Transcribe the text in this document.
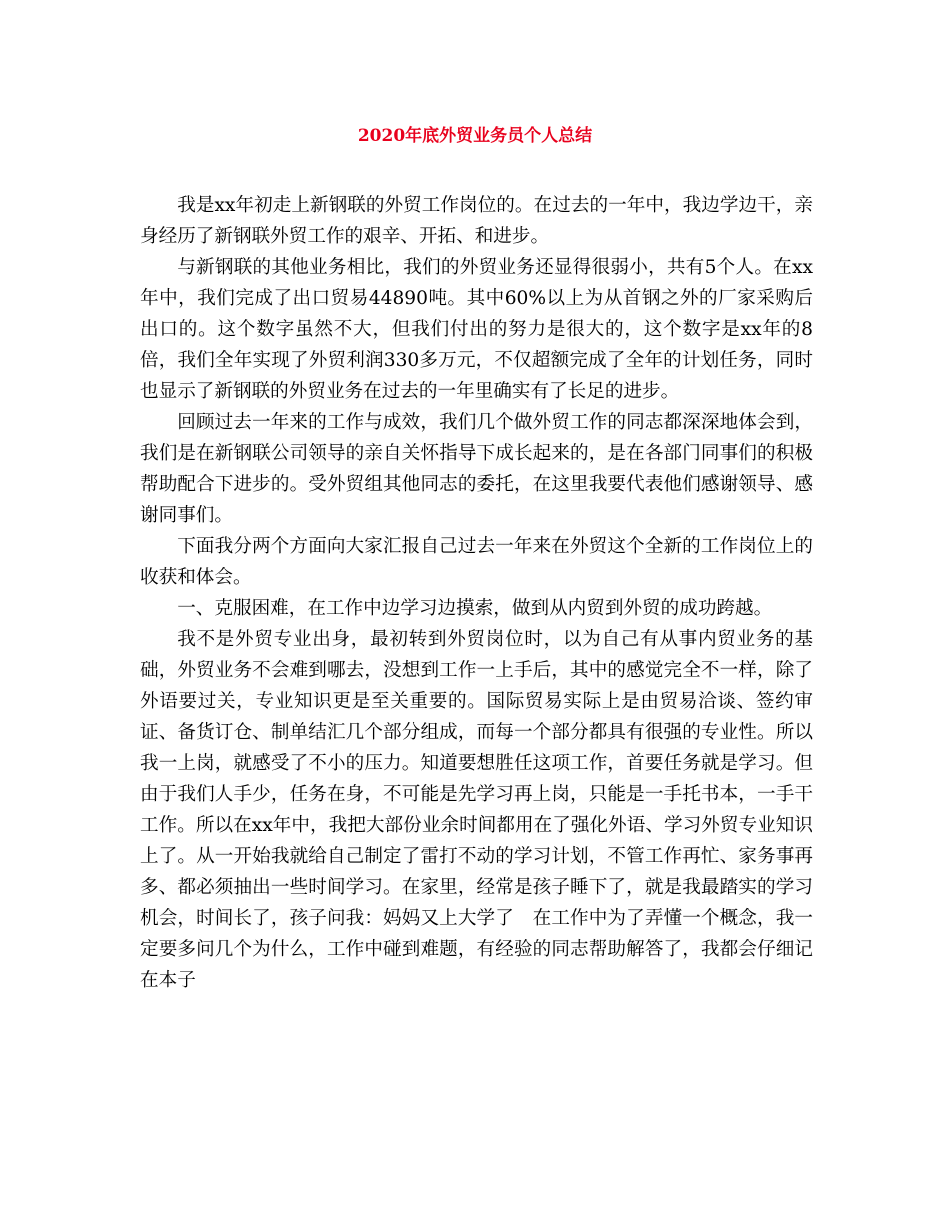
2020年底外贸业务员个人总结

我是xx年初走上新钢联的外贸工作岗位的。在过去的一年中，我边学边干，亲身经历了新钢联外贸工作的艰辛、开拓、和进步。

与新钢联的其他业务相比，我们的外贸业务还显得很弱小，共有5个人。在xx年中，我们完成了出口贸易44890吨。其中60%以上为从首钢之外的厂家采购后出口的。这个数字虽然不大，但我们付出的努力是很大的，这个数字是xx年的8倍，我们全年实现了外贸利润330多万元，不仅超额完成了全年的计划任务，同时也显示了新钢联的外贸业务在过去的一年里确实有了长足的进步。

回顾过去一年来的工作与成效，我们几个做外贸工作的同志都深深地体会到，我们是在新钢联公司领导的亲自关怀指导下成长起来的，是在各部门同事们的积极帮助配合下进步的。受外贸组其他同志的委托，在这里我要代表他们感谢领导、感谢同事们。

下面我分两个方面向大家汇报自己过去一年来在外贸这个全新的工作岗位上的收获和体会。

一、克服困难，在工作中边学习边摸索，做到从内贸到外贸的成功跨越。

我不是外贸专业出身，最初转到外贸岗位时，以为自己有从事内贸业务的基础，外贸业务不会难到哪去，没想到工作一上手后，其中的感觉完全不一样，除了外语要过关，专业知识更是至关重要的。国际贸易实际上是由贸易洽谈、签约审证、备货订仓、制单结汇几个部分组成，而每一个部分都具有很强的专业性。所以我一上岗，就感受了不小的压力。知道要想胜任这项工作，首要任务就是学习。但由于我们人手少，任务在身，不可能是先学习再上岗，只能是一手托书本，一手干工作。所以在xx年中，我把大部份业余时间都用在了强化外语、学习外贸专业知识上了。从一开始我就给自己制定了雷打不动的学习计划，不管工作再忙、家务事再多、都必须抽出一些时间学习。在家里，经常是孩子睡下了，就是我最踏实的学习机会，时间长了，孩子问我：妈妈又上大学了　在工作中为了弄懂一个概念，我一定要多问几个为什么，工作中碰到难题，有经验的同志帮助解答了，我都会仔细记在本子
